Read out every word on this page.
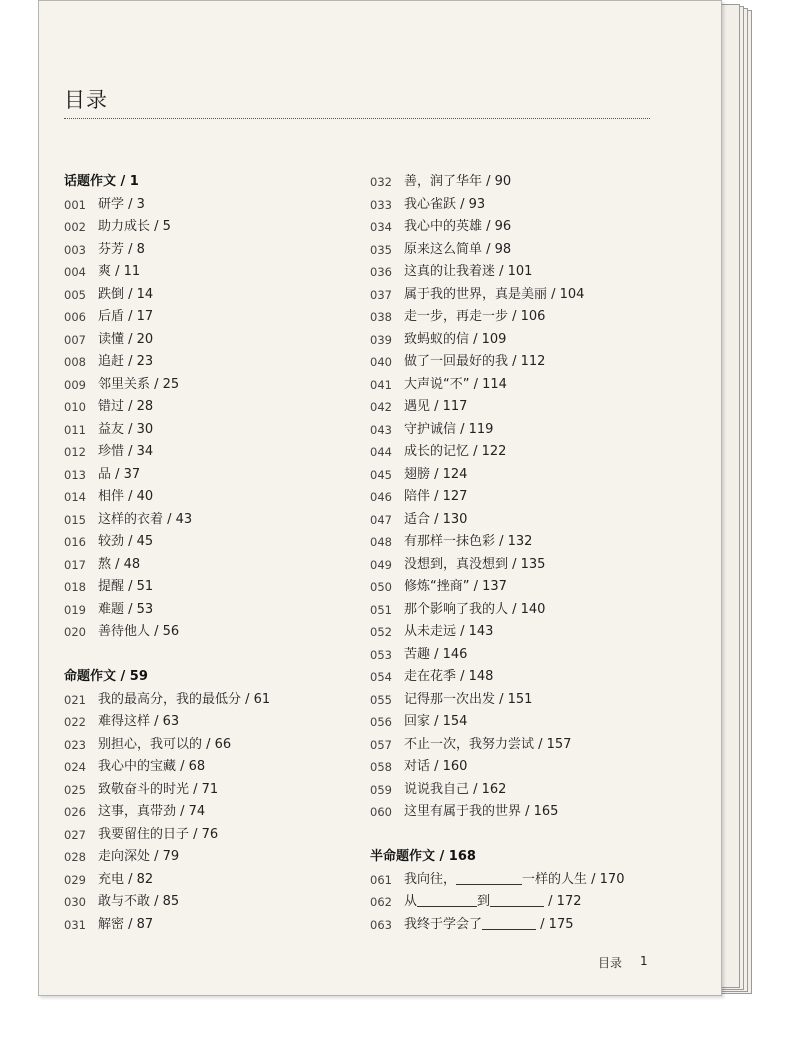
目录
话题作文 / 1
001 研学 / 3
002 助力成长 / 5
003 芬芳 / 8
004 爽 / 11
005 跌倒 / 14
006 后盾 / 17
007 读懂 / 20
008 追赶 / 23
009 邻里关系 / 25
010 错过 / 28
011 益友 / 30
012 珍惜 / 34
013 品 / 37
014 相伴 / 40
015 这样的衣着 / 43
016 较劲 / 45
017 熬 / 48
018 提醒 / 51
019 难题 / 53
020 善待他人 / 56
命题作文 / 59
021 我的最高分，我的最低分 / 61
022 难得这样 / 63
023 别担心，我可以的 / 66
024 我心中的宝藏 / 68
025 致敬奋斗的时光 / 71
026 这事，真带劲 / 74
027 我要留住的日子 / 76
028 走向深处 / 79
029 充电 / 82
030 敢与不敢 / 85
031 解密 / 87
032 善，润了华年 / 90
033 我心雀跃 / 93
034 我心中的英雄 / 96
035 原来这么简单 / 98
036 这真的让我着迷 / 101
037 属于我的世界，真是美丽 / 104
038 走一步，再走一步 / 106
039 致蚂蚁的信 / 109
040 做了一回最好的我 / 112
041 大声说“不” / 114
042 遇见 / 117
043 守护诚信 / 119
044 成长的记忆 / 122
045 翅膀 / 124
046 陪伴 / 127
047 适合 / 130
048 有那样一抹色彩 / 132
049 没想到，真没想到 / 135
050 修炼“挫商” / 137
051 那个影响了我的人 / 140
052 从未走远 / 143
053 苦趣 / 146
054 走在花季 / 148
055 记得那一次出发 / 151
056 回家 / 154
057 不止一次，我努力尝试 / 157
058 对话 / 160
059 说说我自己 / 162
060 这里有属于我的世界 / 165
半命题作文 / 168
061 我向往，	一样的人生 / 170
062 从	到	/ 172
063 我终于学会了	/ 175
目录 1
